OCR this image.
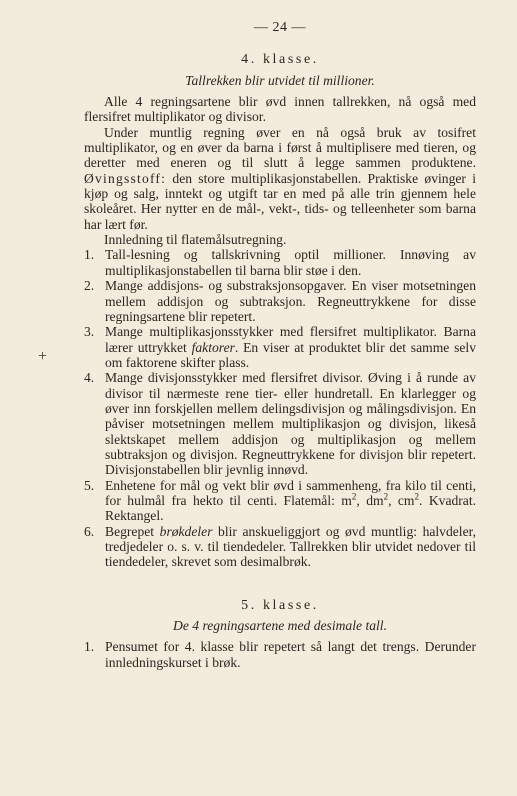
+
— 24 —
4. klasse.
Tallrekken blir utvidet til millioner.

Alle 4 regningsartene blir øvd innen tallrekken, nå også med flersifret multiplikator og divisor.

Under muntlig regning øver en nå også bruk av tosifret multiplikator, og en øver da barna i først å multiplisere med tieren, og deretter med eneren og til slutt å legge sammen produktene. Øvingsstoff: den store multiplikasjonstabellen. Praktiske øvinger i kjøp og salg, inntekt og utgift tar en med på alle trin gjennem hele skoleåret. Her nytter en de mål-, vekt-, tids- og telleenheter som barna har lært før.

Innledning til flatemålsutregning.

1. Tall-lesning og tallskrivning optil millioner. Innøving av multiplikasjonstabellen til barna blir støe i den.
2. Mange addisjons- og substraksjonsopgaver. En viser motsetningen mellem addisjon og subtraksjon. Regneuttrykkene for disse regningsartene blir repetert.
3. Mange multiplikasjonsstykker med flersifret multiplikator. Barna lærer uttrykket faktorer. En viser at produktet blir det samme selv om faktorene skifter plass.
4. Mange divisjonsstykker med flersifret divisor. Øving i å runde av divisor til nærmeste rene tier- eller hundretall. En klarlegger og øver inn forskjellen mellem delingsdivisjon og målingsdivisjon. En påviser motsetningen mellem multiplikasjon og divisjon, likeså slektskapet mellem addisjon og multiplikasjon og mellem subtraksjon og divisjon. Regneuttrykkene for divisjon blir repetert. Divisjonstabellen blir jevnlig innøvd.
5. Enhetene for mål og vekt blir øvd i sammenheng, fra kilo til centi, for hulmål fra hekto til centi. Flatemål: $m^2$, $dm^2$, $cm^2$. Kvadrat. Rektangel.
6. Begrepet brøkdeler blir anskueliggjort og øvd muntlig: halvdeler, tredjedeler o. s. v. til tiendedeler. Tallrekken blir utvidet nedover til tiendedeler, skrevet som desimalbrøk.
5. klasse.
De 4 regningsartene med desimale tall.
1. Pensumet for 4. klasse blir repetert så langt det trengs. Derunder innledningskurset i brøk.
